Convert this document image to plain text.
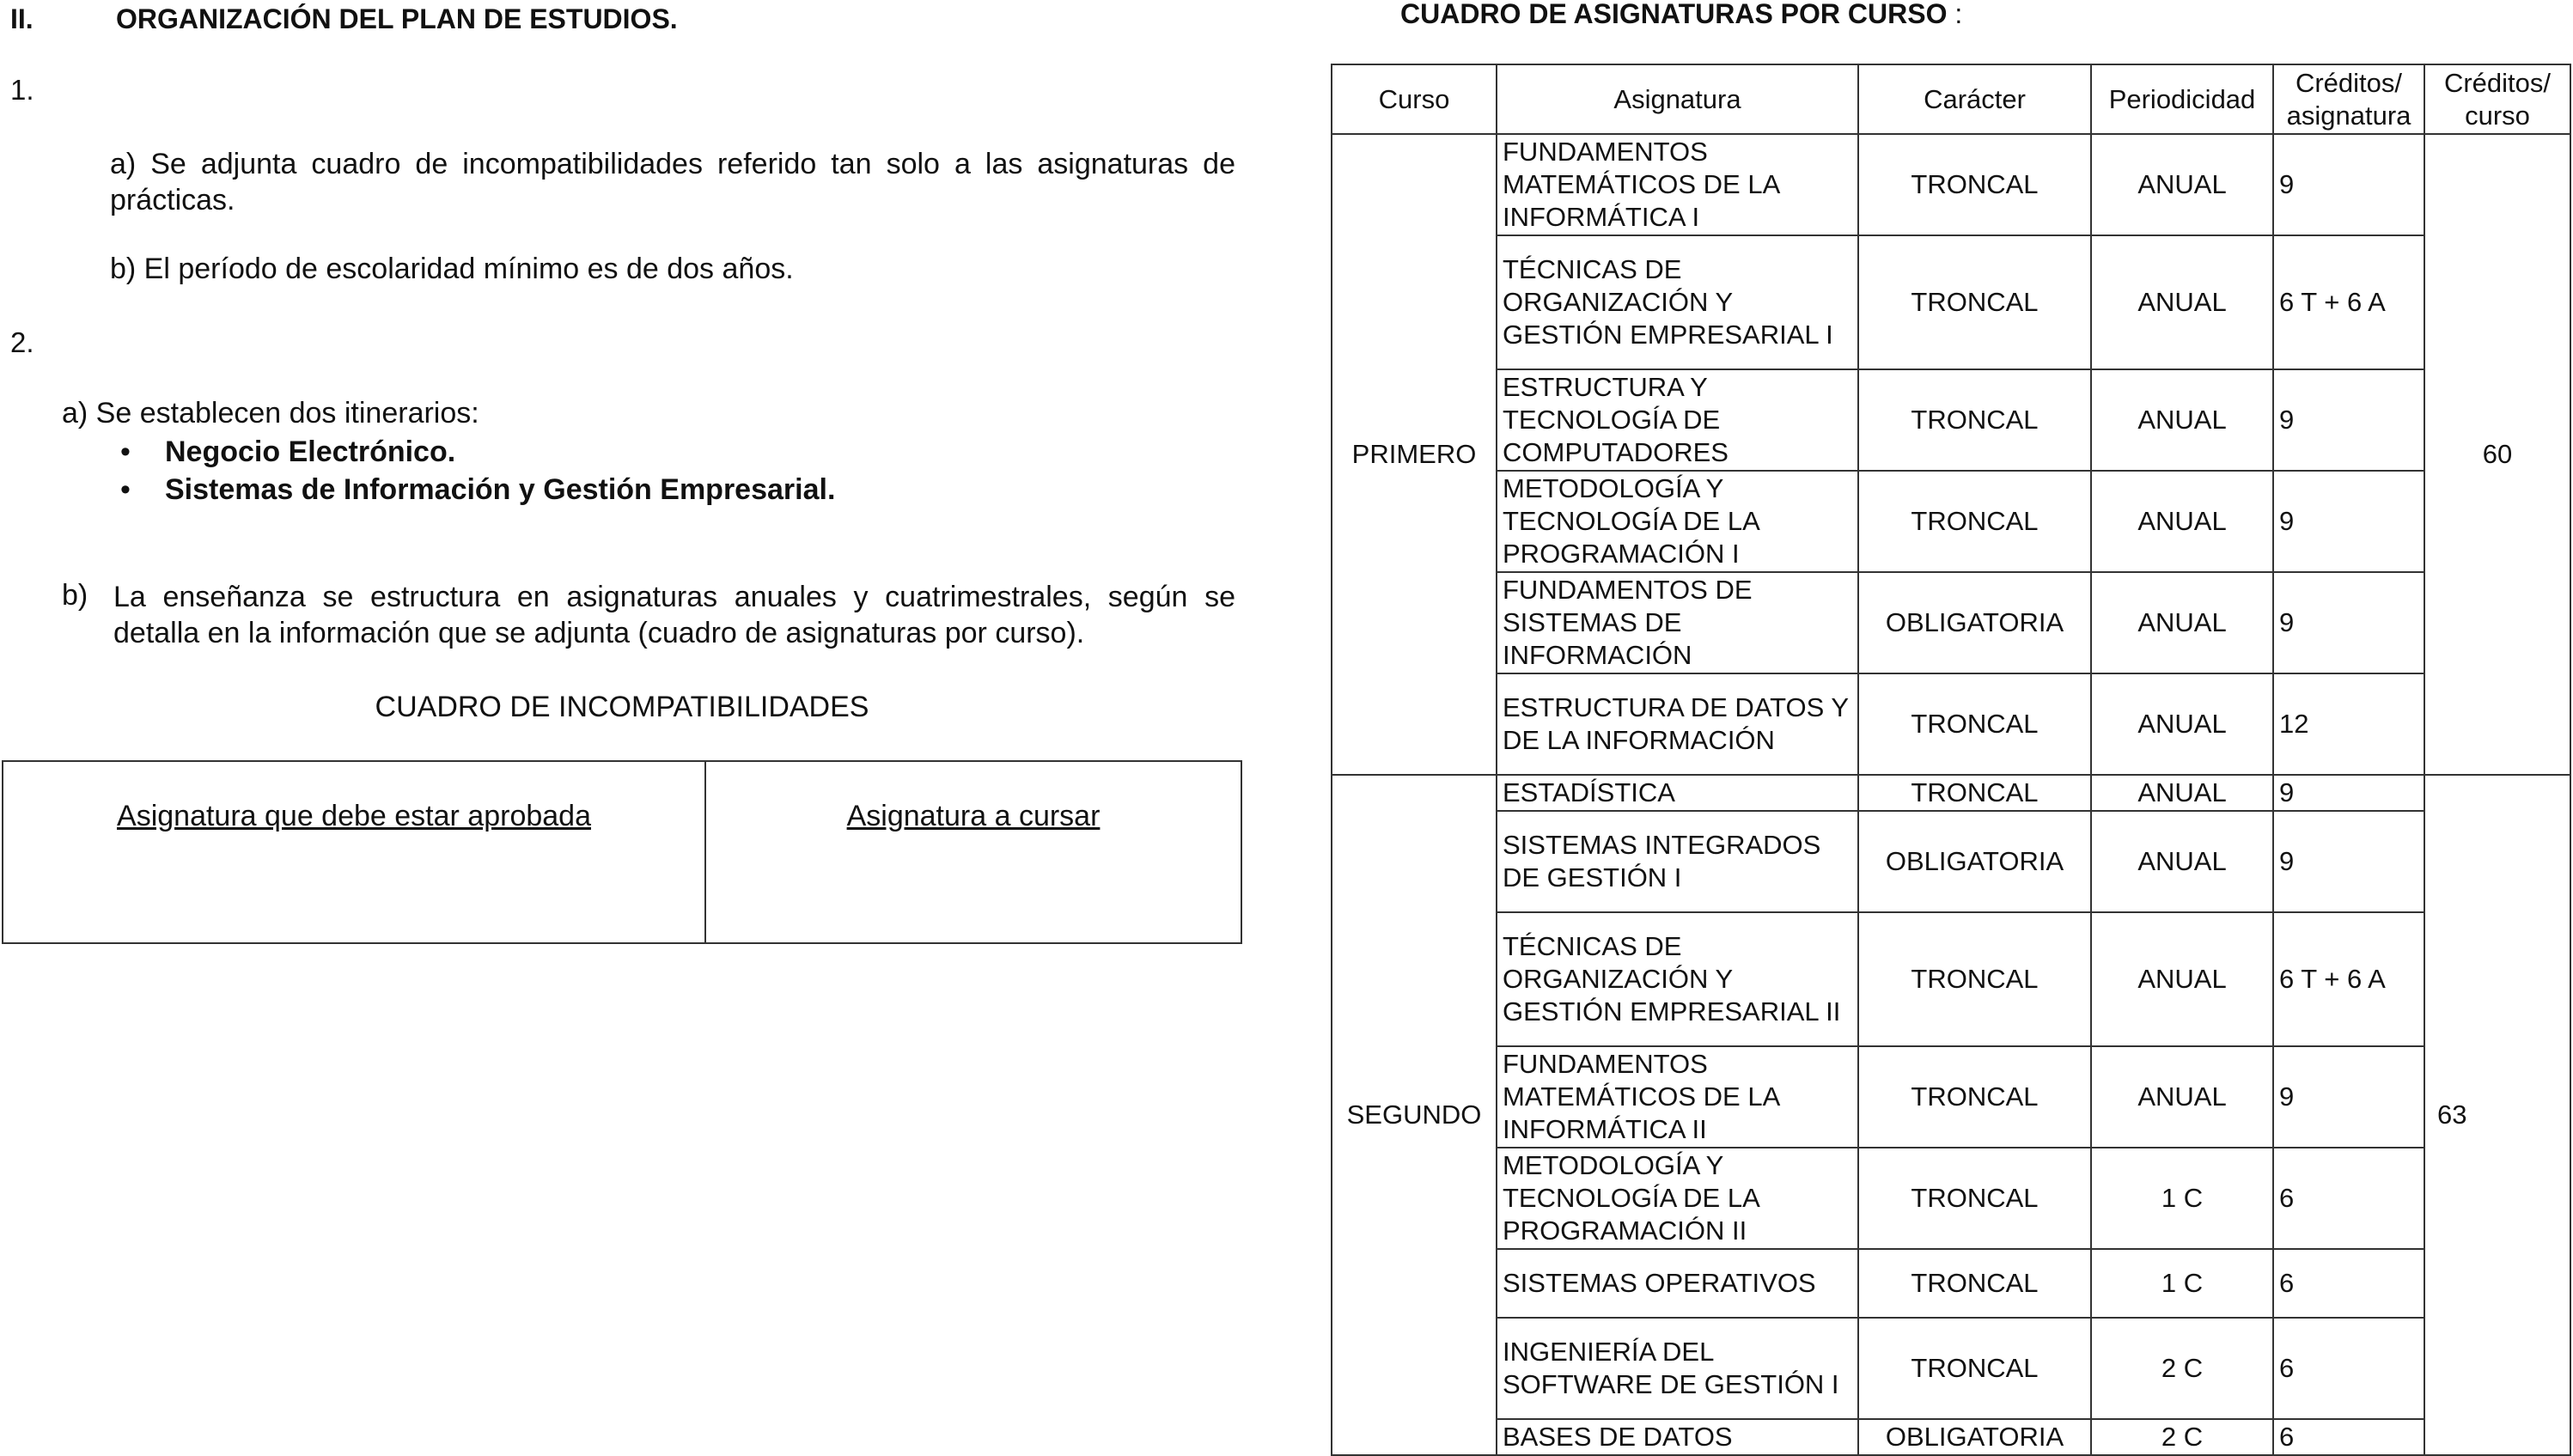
II.	ORGANIZACIÓN DEL PLAN DE ESTUDIOS.
1.
a) Se adjunta cuadro de incompatibilidades referido tan solo a las asignaturas de prácticas.
b) El período de escolaridad mínimo es de dos años.
2.
a) Se establecen dos itinerarios:
• Negocio Electrónico.
• Sistemas de Información y Gestión Empresarial.
b) La enseñanza se estructura en asignaturas anuales y cuatrimestrales, según se detalla en la información que se adjunta (cuadro de asignaturas por curso).
CUADRO DE INCOMPATIBILIDADES
Asignatura que debe estar aprobada	Asignatura a cursar
CUADRO DE ASIGNATURAS POR CURSO :
Curso	Asignatura	Carácter	Periodicidad	Créditos/ asignatura	Créditos/ curso
PRIMERO	FUNDAMENTOS MATEMÁTICOS DE LA INFORMÁTICA I	TRONCAL	ANUAL	9	60
	TÉCNICAS DE ORGANIZACIÓN Y GESTIÓN EMPRESARIAL I	TRONCAL	ANUAL	6 T + 6 A	
	ESTRUCTURA Y TECNOLOGÍA DE COMPUTADORES	TRONCAL	ANUAL	9	
	METODOLOGÍA Y TECNOLOGÍA DE LA PROGRAMACIÓN I	TRONCAL	ANUAL	9	
	FUNDAMENTOS DE SISTEMAS DE INFORMACIÓN	OBLIGATORIA	ANUAL	9	
	ESTRUCTURA DE DATOS Y DE LA INFORMACIÓN	TRONCAL	ANUAL	12	
SEGUNDO	ESTADÍSTICA	TRONCAL	ANUAL	9	63
	SISTEMAS INTEGRADOS DE GESTIÓN I	OBLIGATORIA	ANUAL	9	
	TÉCNICAS DE ORGANIZACIÓN Y GESTIÓN EMPRESARIAL II	TRONCAL	ANUAL	6 T + 6 A	
	FUNDAMENTOS MATEMÁTICOS DE LA INFORMÁTICA II	TRONCAL	ANUAL	9	
	METODOLOGÍA Y TECNOLOGÍA DE LA PROGRAMACIÓN II	TRONCAL	1 C	6	
	SISTEMAS OPERATIVOS	TRONCAL	1 C	6	
	INGENIERÍA DEL SOFTWARE DE GESTIÓN I	TRONCAL	2 C	6	
	BASES DE DATOS	OBLIGATORIA	2 C	6	
